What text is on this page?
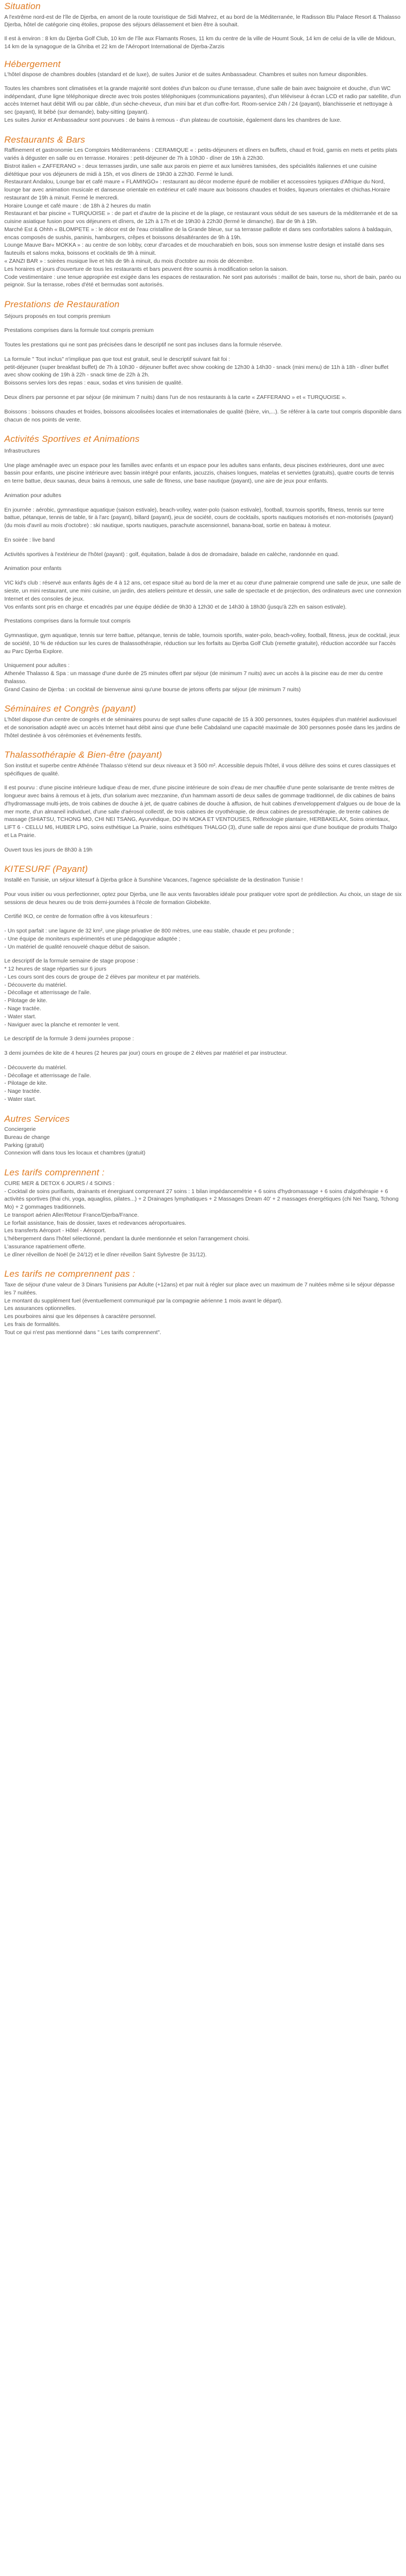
Situation

A l'extrême nord-est de l'île de Djerba, en amont de la route touristique de Sidi Mahrez, et au bord de la Méditerranée, le Radisson Blu Palace Resort & Thalasso Djerba, hôtel de catégorie cinq étoiles, propose des séjours délassement et bien être à souhait.

Il est à environ : 8 km du Djerba Golf Club, 10 km de l'île aux Flamants Roses, 11 km du centre de la ville de Houmt Souk, 14 km de celui de la ville de Midoun, 14 km de la synagogue de la Ghriba et 22 km de l'Aéroport International de Djerba-Zarzis

Hébergement

L'hôtel dispose de chambres doubles (standard et de luxe), de suites Junior et de suites Ambassadeur. Chambres et suites non fumeur disponibles.

Toutes les chambres sont climatisées et la grande majorité sont dotées d'un balcon ou d'une terrasse, d'une salle de bain avec baignoire et douche, d'un WC indépendant, d'une ligne téléphonique directe avec trois postes téléphoniques (communications payantes), d'un téléviseur à écran LCD et radio par satellite, d'un accès Internet haut débit Wifi ou par câble, d'un sèche-cheveux, d'un mini bar et d'un coffre-fort. Room-service 24h / 24 (payant), blanchisserie et nettoyage à sec (payant), lit bébé (sur demande), baby-sitting (payant).

Les suites Junior et Ambassadeur sont pourvues : de bains à remous - d'un plateau de courtoisie, également dans les chambres de luxe.

Restaurants & Bars

Raffinement et gastronomie Les Comptoirs Méditerranéens : CERAMIQUE « : petits-déjeuners et dîners en buffets, chaud et froid, garnis en mets et petits plats variés à déguster en salle ou en terrasse. Horaires : petit-déjeuner de 7h à 10h30 - dîner de 19h à 22h30.

Bistrot italien « ZAFFERANO » : deux terrasses jardin, une salle aux parois en pierre et aux lumières tamisées, des spécialités italiennes et une cuisine diététique pour vos déjeuners de midi à 15h, et vos dîners de 19h30 à 22h30. Fermé le lundi.

Restaurant Andalou, Lounge bar et café maure « FLAMINGO» : restaurant au décor moderne épuré de mobilier et accessoires typiques d'Afrique du Nord, lounge bar avec animation musicale et danseuse orientale en extérieur et café maure aux boissons chaudes et froides, liqueurs orientales et chichas.Horaire restaurant de 19h à minuit. Fermé le mercredi.

Horaire Lounge et café maure : de 18h à 2 heures du matin

Restaurant et bar piscine « TURQUOISE » : de part et d'autre de la piscine et de la plage, ce restaurant vous séduit de ses saveurs de la méditerranée et de sa cuisine asiatique fusion pour vos déjeuners et dîners, de 12h à 17h et de 19h30 à 22h30 (fermé le dimanche). Bar de 9h à 19h.

Marché Est & Ohhh « BLOMPETE » : le décor est de l'eau cristalline de la Grande bleue, sur sa terrasse paillote et dans ses confortables salons à baldaquin, encas composés de sushis, paninis, hamburgers, crêpes et boissons désaltérantes de 9h à 19h.

Lounge Mauve Bar« MOKKA » : au centre de son lobby, cœur d'arcades et de moucharabieh en bois, sous son immense lustre design et installé dans ses fauteuils et salons moka, boissons et cocktails de 9h à minuit.

« ZANZI BAR » : soirées musique live et hits de 9h à minuit, du mois d'octobre au mois de décembre.

Les horaires et jours d'ouverture de tous les restaurants et bars peuvent être soumis à modification selon la saison.

Code vestimentaire : une tenue appropriée est exigée dans les espaces de restauration. Ne sont pas autorisés : maillot de bain, torse nu, short de bain, paréo ou peignoir. Sur la terrasse, robes d'été et bermudas sont autorisés.

Prestations de Restauration

Séjours proposés en tout compris premium

Prestations comprises dans la formule tout compris premium

Toutes les prestations qui ne sont pas précisées dans le descriptif ne sont pas incluses dans la formule réservée.

La formule " Tout inclus" n'implique pas que tout est gratuit, seul le descriptif suivant fait foi :
petit-déjeuner (super breakfast buffet) de 7h à 10h30 - déjeuner buffet avec show cooking de 12h30 à 14h30 - snack (mini menu) de 11h à 18h - dîner buffet avec show cooking de 19h à 22h - snack time de 22h à 2h.
Boissons servies lors des repas : eaux, sodas et vins tunisien de qualité.

Deux dîners par personne et par séjour (de minimum 7 nuits) dans l'un de nos restaurants à la carte « ZAFFERANO » et « TURQUOISE ».

Boissons : boissons chaudes et froides, boissons alcoolisées locales et internationales de qualité (bière, vin,...). Se référer à la carte tout compris disponible dans chacun de nos points de vente.

Activités Sportives et Animations

Infrastructures

Une plage aménagée avec un espace pour les familles avec enfants et un espace pour les adultes sans enfants, deux piscines extérieures, dont une avec bassin pour enfants, une piscine intérieure avec bassin intégré pour enfants, jacuzzis, chaises longues, matelas et serviettes (gratuits), quatre courts de tennis en terre battue, deux saunas, deux bains à remous, une salle de fitness, une base nautique (payant), une aire de jeux pour enfants.

Animation pour adultes

En journée : aérobic, gymnastique aquatique (saison estivale), beach-volley, water-polo (saison estivale), football, tournois sportifs, fitness, tennis sur terre battue, pétanque, tennis de table, tir à l'arc (payant), billard (payant), jeux de société, cours de cocktails, sports nautiques motorisés et non-motorisés (payant) (du mois d'avril au mois d'octobre) : ski nautique, sports nautiques, parachute ascensionnel, banana-boat, sortie en bateau à moteur.

En soirée : live band

Activités sportives à l'extérieur de l'hôtel (payant) : golf, équitation, balade à dos de dromadaire, balade en calèche, randonnée en quad.

Animation pour enfants

VIC kid's club : réservé aux enfants âgés de 4 à 12 ans, cet espace situé au bord de la mer et au cœur d'une palmeraie comprend une salle de jeux, une salle de sieste, un mini restaurant, une mini cuisine, un jardin, des ateliers peinture et dessin, une salle de spectacle et de projection, des ordinateurs avec une connexion Internet et des consoles de jeux.
Vos enfants sont pris en charge et encadrés par une équipe dédiée de 9h30 à 12h30 et de 14h30 à 18h30 (jusqu'à 22h en saison estivale).

Prestations comprises dans la formule tout compris

Gymnastique, gym aquatique, tennis sur terre battue, pétanque, tennis de table, tournois sportifs, water-polo, beach-volley, football, fitness, jeux de cocktail, jeux de société, 10 % de réduction sur les cures de thalassothérapie, réduction sur les forfaits au Djerba Golf Club (remette gratuite), réduction accordée sur l'accès au Parc Djerba Explore.

Uniquement pour adultes :
Athenée Thalasso & Spa : un massage d'une durée de 25 minutes offert par séjour (de minimum 7 nuits) avec un accès à la piscine eau de mer du centre thalasso.
Grand Casino de Djerba : un cocktail de bienvenue ainsi qu'une bourse de jetons offerts par séjour (de minimum 7 nuits)

Séminaires et Congrès (payant)

L'hôtel dispose d'un centre de congrès et de séminaires pourvu de sept salles d'une capacité de 15 à 300 personnes, toutes équipées d'un matériel audiovisuel et de sonorisation adapté avec un accès Internet haut débit ainsi que d'une belle Cabdaland une capacité maximale de 300 personnes posée dans les jardins de l'hôtel destinée à vos cérémonies et événements festifs.

Thalassothérapie & Bien-être (payant)

Son institut et superbe centre Athénée Thalasso s'étend sur deux niveaux et 3 500 m². Accessible depuis l'hôtel, il vous délivre des soins et cures classiques et spécifiques de qualité.

Il est pourvu : d'une piscine intérieure ludique d'eau de mer, d'une piscine intérieure de soin d'eau de mer chauffée d'une pente solarisante de trente mètres de longueur avec bains à remous et à jets, d'un solarium avec mezzanine, d'un hammam assorti de deux salles de gommage traditionnel, de dix cabines de bains d'hydromassage multi-jets, de trois cabines de douche à jet, de quatre cabines de douche à affusion, de huit cabines d'enveloppement d'algues ou de boue de la mer morte, d'un almaneil individuel, d'une salle d'aérosol collectif, de trois cabines de cryothérapie, de deux cabines de pressothérapie, de trente cabines de massage (SHIATSU, TCHONG MO, CHI NEI TSANG, Ayurvédique, DO IN MOKA ET VENTOUSES, Réflexologie plantaire, HERBAKELAX, Soins orientaux, LIFT 6 - CELLU M6, HUBER LPG, soins esthétique La Prairie, soins esthétiques THALGO (3), d'une salle de repos ainsi que d'une boutique de produits Thalgo et La Prairie.

Ouvert tous les jours de 8h30 à 19h

KITESURF (Payant)

Installé en Tunisie, un séjour kitesurf à Djerba grâce à Sunshine Vacances, l'agence spécialiste de la destination Tunisie !

Pour vous initier ou vous perfectionner, optez pour Djerba, une île aux vents favorables idéale pour pratiquer votre sport de prédilection. Au choix, un stage de six sessions de deux heures ou de trois demi-journées à l'école de formation Globekite.

Certifié IKO, ce centre de formation offre à vos kitesurfeurs :

- Un spot parfait : une lagune de 32 km², une plage privative de 800 mètres, une eau stable, chaude et peu profonde ;
- Une équipe de moniteurs expérimentés et une pédagogique adaptée ;
- Un matériel de qualité renouvelé chaque début de saison.

Le descriptif de la formule semaine de stage propose :
* 12 heures de stage réparties sur 6 jours
- Les cours sont des cours de groupe de 2 élèves par moniteur et par matériels.
- Découverte du matériel.
- Décollage et atterrissage de l'aile.
- Pilotage de kite.
- Nage tractée.
- Water start.
- Naviguer avec la planche et remonter le vent.

Le descriptif de la formule 3 demi journées propose :

3 demi journées de kite de 4 heures (2 heures par jour) cours en groupe de 2 élèves par matériel et par instructeur.

- Découverte du matériel.
- Décollage et atterrissage de l'aile.
- Pilotage de kite.
- Nage tractée.
- Water start.

Autres Services

Conciergerie
Bureau de change
Parking (gratuit)
Connexion wifi dans tous les locaux et chambres (gratuit)

Les tarifs comprennent :

CURE MER & DETOX 6 JOURS / 4 SOINS :
- Cocktail de soins purifiants, drainants et énergisant comprenant 27 soins : 1 bilan impédancemétrie + 6 soins d'hydromassage + 6 soins d'algothérapie + 6 activités sportives (thai chi, yoga, aquagliss, pilates...) + 2 Drainages lymphatiques + 2 Massages Dream 40' + 2 massages énergétiques (chi Nei Tsang, Tchong Mo) + 2 gommages traditionnels.
Le transport aérien Aller/Retour France/Djerba/France.
Le forfait assistance, frais de dossier, taxes et redevances aéroportuaires.
Les transferts Aéroport - Hôtel - Aéroport.
L'hébergement dans l'hôtel sélectionné, pendant la durée mentionnée et selon l'arrangement choisi.
L'assurance rapatriement offerte.
Le dîner réveillon de Noël (le 24/12) et le dîner réveillon Saint Sylvestre (le 31/12).

Les tarifs ne comprennent pas :

Taxe de séjour d'une valeur de 3 Dinars Tunisiens par Adulte (+12ans) et par nuit à régler sur place avec un maximum de 7 nuitées même si le séjour dépasse les 7 nuitées.
Le montant du supplément fuel (éventuellement communiqué par la compagnie aérienne 1 mois avant le départ).
Les assurances optionnelles.
Les pourboires ainsi que les dépenses à caractère personnel.
Les frais de formalités.
Tout ce qui n'est pas mentionné dans " Les tarifs comprennent".
